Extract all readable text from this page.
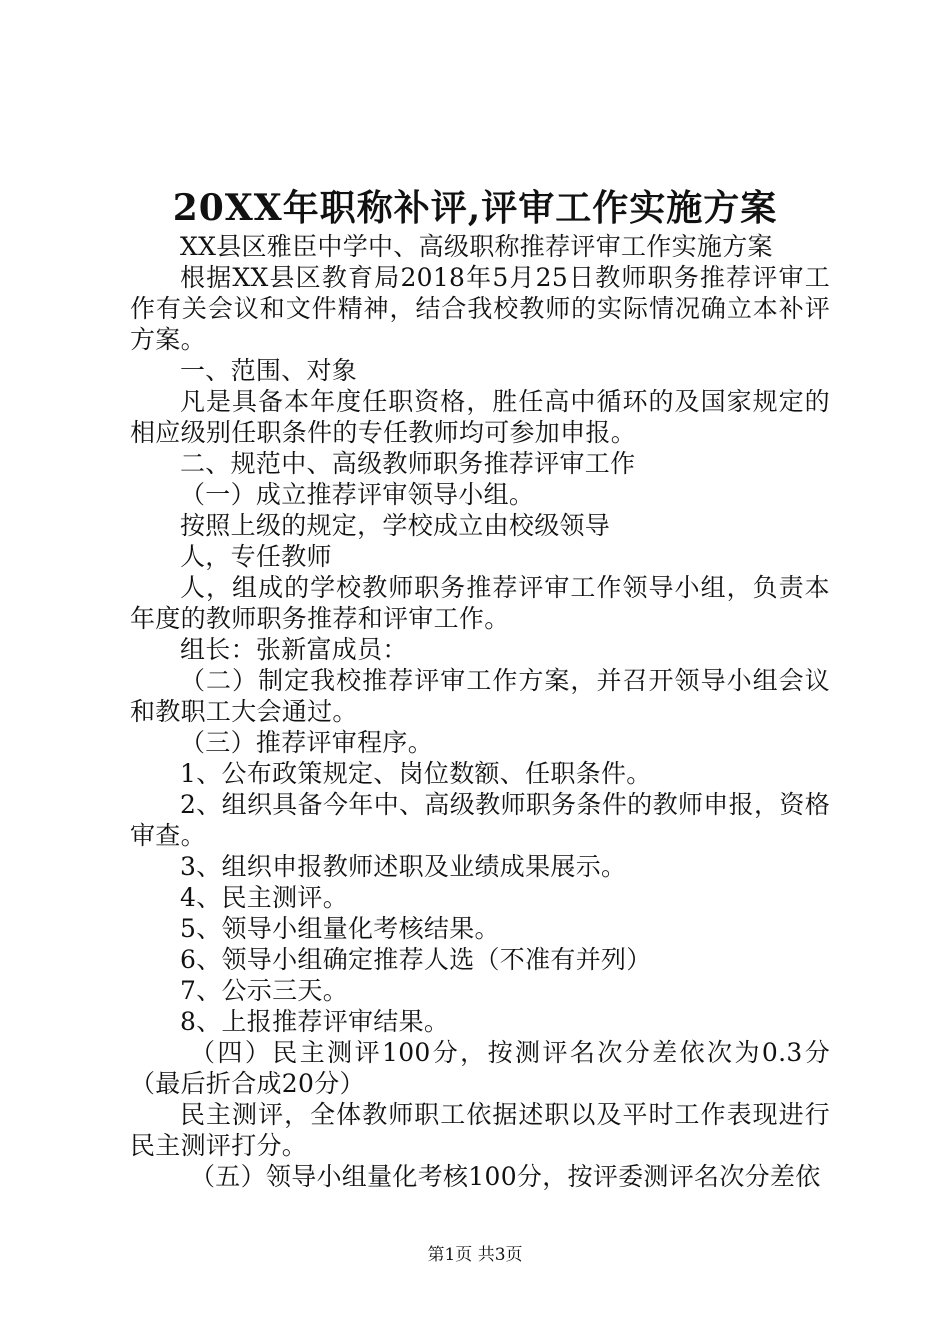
20XX年职称补评,评审工作实施方案

XX县区雅臣中学中、高级职称推荐评审工作实施方案

根据XX县区教育局2018年5月25日教师职务推荐评审工作有关会议和文件精神，结合我校教师的实际情况确立本补评方案。

一、范围、对象

凡是具备本年度任职资格，胜任高中循环的及国家规定的相应级别任职条件的专任教师均可参加申报。

二、规范中、高级教师职务推荐评审工作

（一）成立推荐评审领导小组。

按照上级的规定，学校成立由校级领导

人，专任教师

人，组成的学校教师职务推荐评审工作领导小组，负责本年度的教师职务推荐和评审工作。

组长：张新富成员：

（二）制定我校推荐评审工作方案，并召开领导小组会议和教职工大会通过。

（三）推荐评审程序。

1、公布政策规定、岗位数额、任职条件。

2、组织具备今年中、高级教师职务条件的教师申报，资格审查。

3、组织申报教师述职及业绩成果展示。

4、民主测评。

5、领导小组量化考核结果。

6、领导小组确定推荐人选（不准有并列）

7、公示三天。

8、上报推荐评审结果。

（四）民主测评100分，按测评名次分差依次为0.3分（最后折合成20分）

民主测评，全体教师职工依据述职以及平时工作表现进行民主测评打分。

（五）领导小组量化考核100分，按评委测评名次分差依

第1页 共3页
